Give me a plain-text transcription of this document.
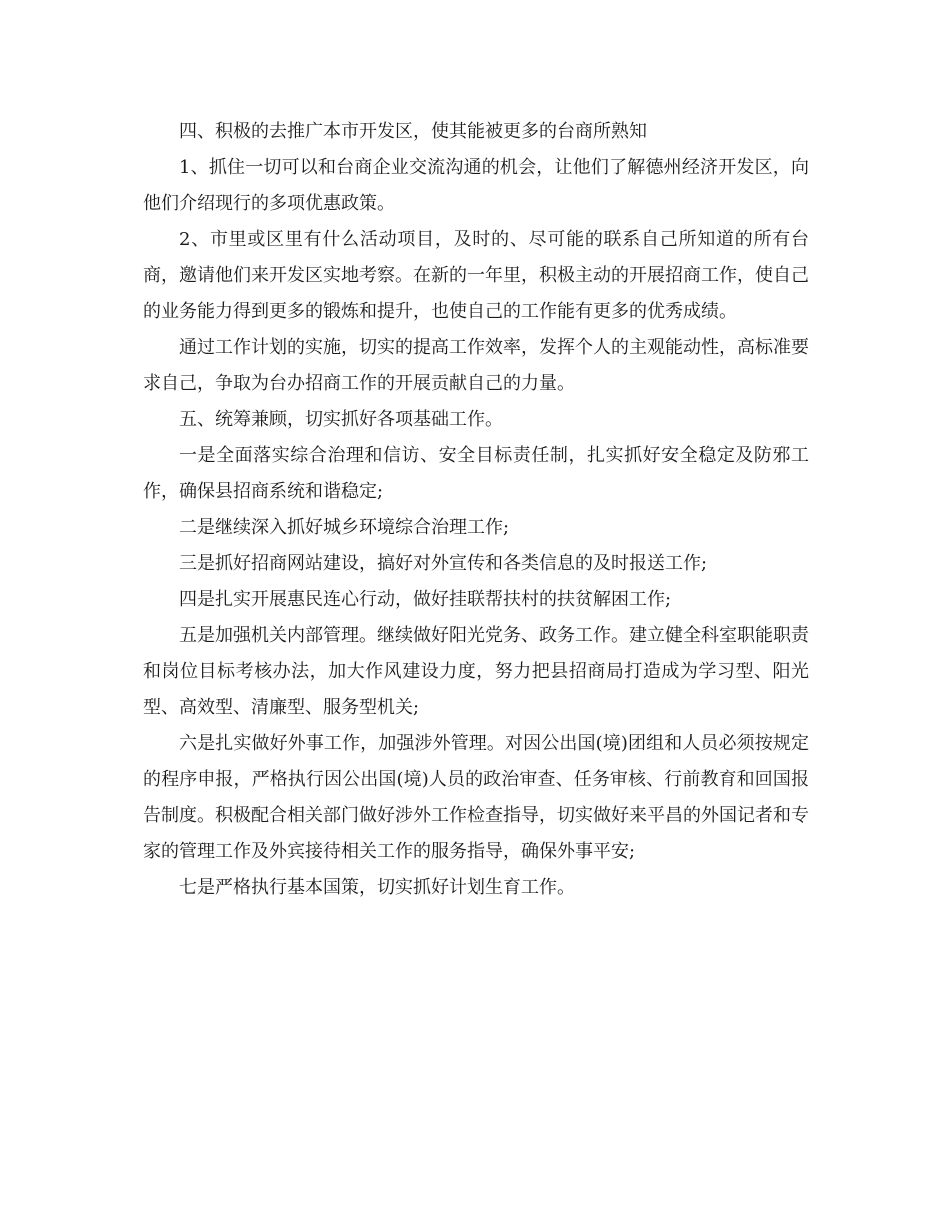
四、积极的去推广本市开发区，使其能被更多的台商所熟知

1、抓住一切可以和台商企业交流沟通的机会，让他们了解德州经济开发区，向他们介绍现行的多项优惠政策。

2、市里或区里有什么活动项目，及时的、尽可能的联系自己所知道的所有台商，邀请他们来开发区实地考察。在新的一年里，积极主动的开展招商工作，使自己的业务能力得到更多的锻炼和提升，也使自己的工作能有更多的优秀成绩。

通过工作计划的实施，切实的提高工作效率，发挥个人的主观能动性，高标准要求自己，争取为台办招商工作的开展贡献自己的力量。

五、统筹兼顾，切实抓好各项基础工作。

一是全面落实综合治理和信访、安全目标责任制，扎实抓好安全稳定及防邪工作，确保县招商系统和谐稳定;

二是继续深入抓好城乡环境综合治理工作;

三是抓好招商网站建设，搞好对外宣传和各类信息的及时报送工作;

四是扎实开展惠民连心行动，做好挂联帮扶村的扶贫解困工作;

五是加强机关内部管理。继续做好阳光党务、政务工作。建立健全科室职能职责和岗位目标考核办法，加大作风建设力度，努力把县招商局打造成为学习型、阳光型、高效型、清廉型、服务型机关;

六是扎实做好外事工作，加强涉外管理。对因公出国(境)团组和人员必须按规定的程序申报，严格执行因公出国(境)人员的政治审查、任务审核、行前教育和回国报告制度。积极配合相关部门做好涉外工作检查指导，切实做好来平昌的外国记者和专家的管理工作及外宾接待相关工作的服务指导，确保外事平安;

七是严格执行基本国策，切实抓好计划生育工作。
